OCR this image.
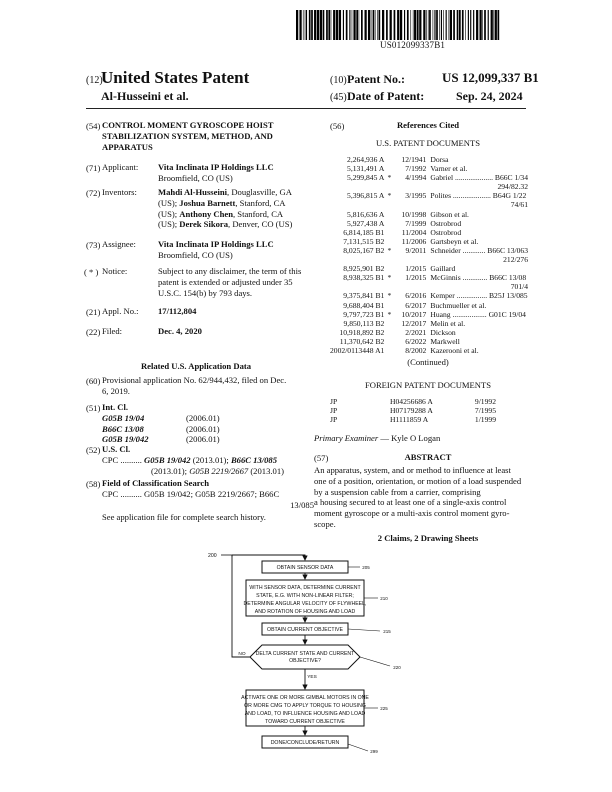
US012099337B1
(12)
United States Patent
Al-Husseini et al.
(10) Patent No.:	US 12,099,337 B1
(45) Date of Patent:	Sep. 24, 2024
(54) CONTROL MOMENT GYROSCOPE HOIST
STABILIZATION SYSTEM, METHOD, AND
APPARATUS
(71) Applicant: Vita Inclinata IP Holdings LLC
Broomfield, CO (US)
(72) Inventors: Mahdi Al-Husseini, Douglasville, GA (US); Joshua Barnett, Stanford, CA (US); Anthony Chen, Stanford, CA (US); Derek Sikora, Denver, CO (US)
(73) Assignee:	Vita Inclinata IP Holdings LLC
Broomfield, CO (US)
( * ) Notice:	Subject to any disclaimer, the term of this
patent is extended or adjusted under 35
U.S.C. 154(b) by 793 days.
(21) Appl. No.: 17/112,804
(22) Filed:	Dec. 4, 2020
Related U.S. Application Data
(60) Provisional application No. 62/944,432, filed on Dec.
6, 2019.
(51) Int. Cl.
G05B 19/04	(2006.01)
B66C 13/08	(2006.01)
G05B 19/042	(2006.01)
(52) U.S. Cl.
CPC .......... G05B 19/042 (2013.01); B66C 13/085
(2013.01); G05B 2219/2667 (2013.01)
(58) Field of Classification Search
CPC .......... G05B 19/042; G05B 2219/2667; B66C
13/085
See application file for complete search history.
(56)	References Cited
U.S. PATENT DOCUMENTS
2,264,936 A		12/1941	Dorsa
5,131,491 A		7/1992	Varner et al.
5,299,845 A	*	4/1994	Gabriel .................... B66C 1/34
			294/82.32
5,396,815 A	*	3/1995	Polites .................... B64G 1/22
			74/61
5,816,636 A		10/1998	Gibson et al.
5,927,438 A		7/1999	Ostrobrod
6,814,185 B1		11/2004	Ostrobrod
7,131,515 B2		11/2006	Gartsbeyn et al.
8,025,167 B2	*	9/2011	Schneider ............ B66C 13/063
			212/276
8,925,901 B2		1/2015	Gaillard
8,938,325 B1	*	1/2015	McGinnis ............. B66C 13/08
			701/4
9,375,841 B1	*	6/2016	Kemper ................ B25J 13/085
9,688,404 B1		6/2017	Buchmueller et al.
9,797,723 B1	*	10/2017	Huang .................. G01C 19/04
9,850,113 B2		12/2017	Melin et al.
10,918,892 B2		2/2021	Dickson
11,370,642 B2		6/2022	Markwell
2002/0113448 A1		8/2002	Kazerooni et al.
(Continued)
FOREIGN PATENT DOCUMENTS
JP	H04256686 A	9/1992
JP	H07179288 A	7/1995
JP	H1111859 A	1/1999
Primary Examiner — Kyle O Logan
(57)	ABSTRACT
An apparatus, system, and or method to influence at least
one of a position, orientation, or motion of a load suspended
by a suspension cable from a carrier, comprising
a housing secured to at least one of a single-axis control
moment gyroscope or a multi-axis control moment gyro-
scope.
2 Claims, 2 Drawing Sheets
200
OBTAIN SENSOR DATA	205
WITH SENSOR DATA, DETERMINE CURRENT
STATE, E.G. WITH NON-LINEAR FILTER;
DETERMINE ANGULAR VELOCITY OF FLYWHEEL,
AND ROTATION OF HOUSING AND LOAD
210
OBTAIN CURRENT OBJECTIVE	215
DELTA CURRENT STATE AND CURRENT
OBJECTIVE?
220
NO
YES
ACTIVATE ONE OR MORE GIMBAL MOTORS IN ONE
OR MORE CMG TO APPLY TORQUE TO HOUSING
AND LOAD, TO INFLUENCE HOUSING AND LOAD
TOWARD CURRENT OBJECTIVE
225
DONE/CONCLUDE/RETURN
299
